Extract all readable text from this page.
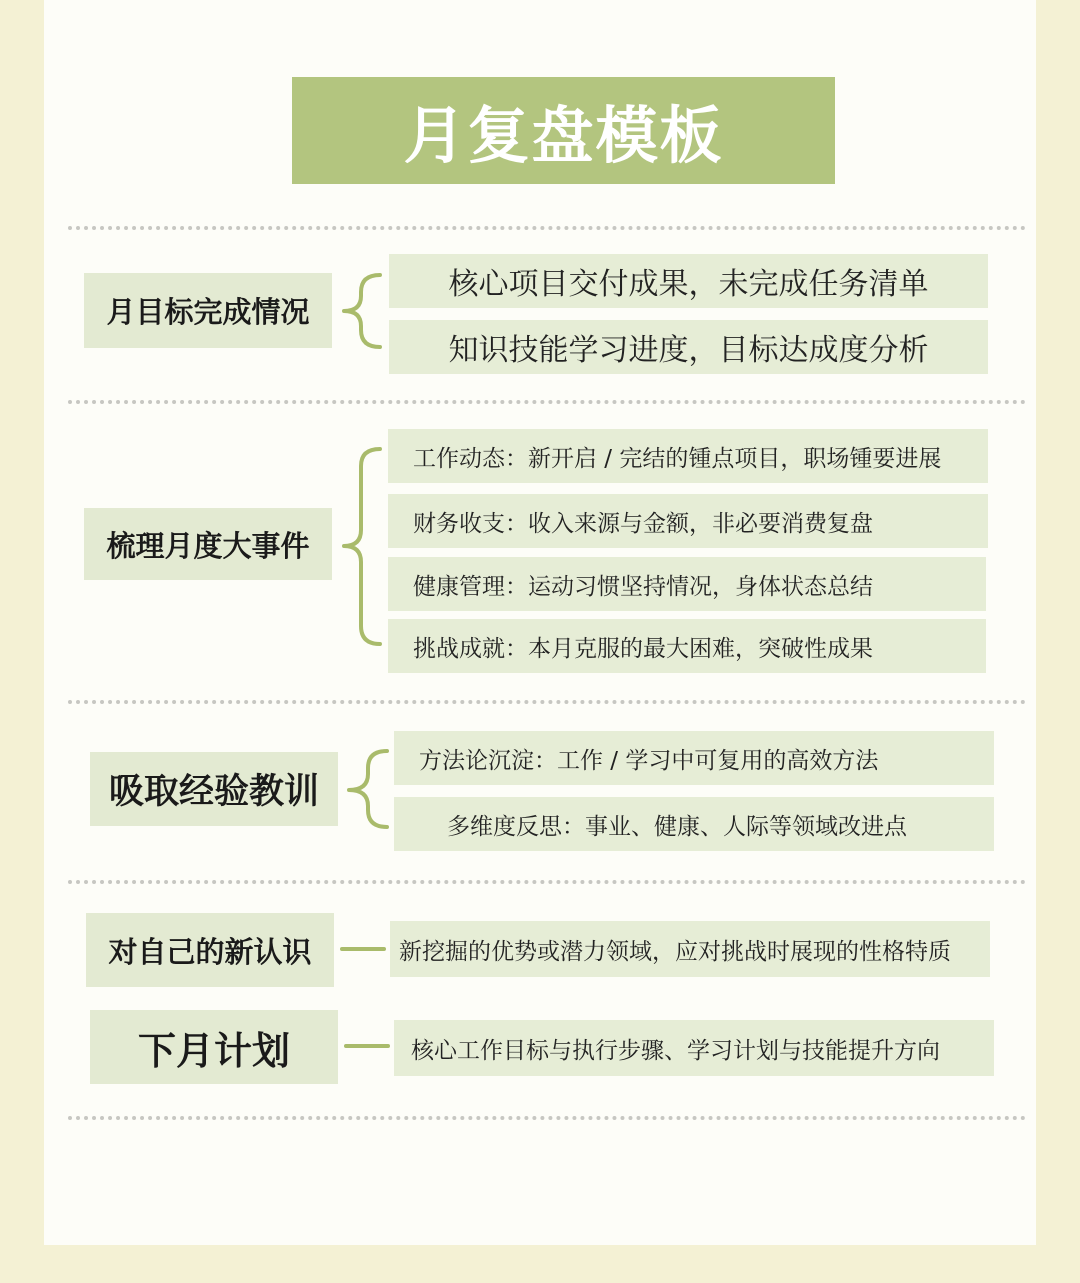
月复盘模板
月目标完成情况
核心项目交付成果，未完成任务清单
知识技能学习进度，目标达成度分析
梳理月度大事件
工作动态：新开启 / 完结的锺点项目，职场锺要进展
财务收支：收入来源与金额，非必要消费复盘
健康管理：运动习惯坚持情况，身体状态总结
挑战成就：本月克服的最大困难，突破性成果
吸取经验教训
方法论沉淀：工作 / 学习中可复用的高效方法
多维度反思：事业、健康、人际等领域改进点
对自己的新认识	新挖掘的优势或潜力领域，应对挑战时展现的性格特质
下月计划	核心工作目标与执行步骤、学习计划与技能提升方向
